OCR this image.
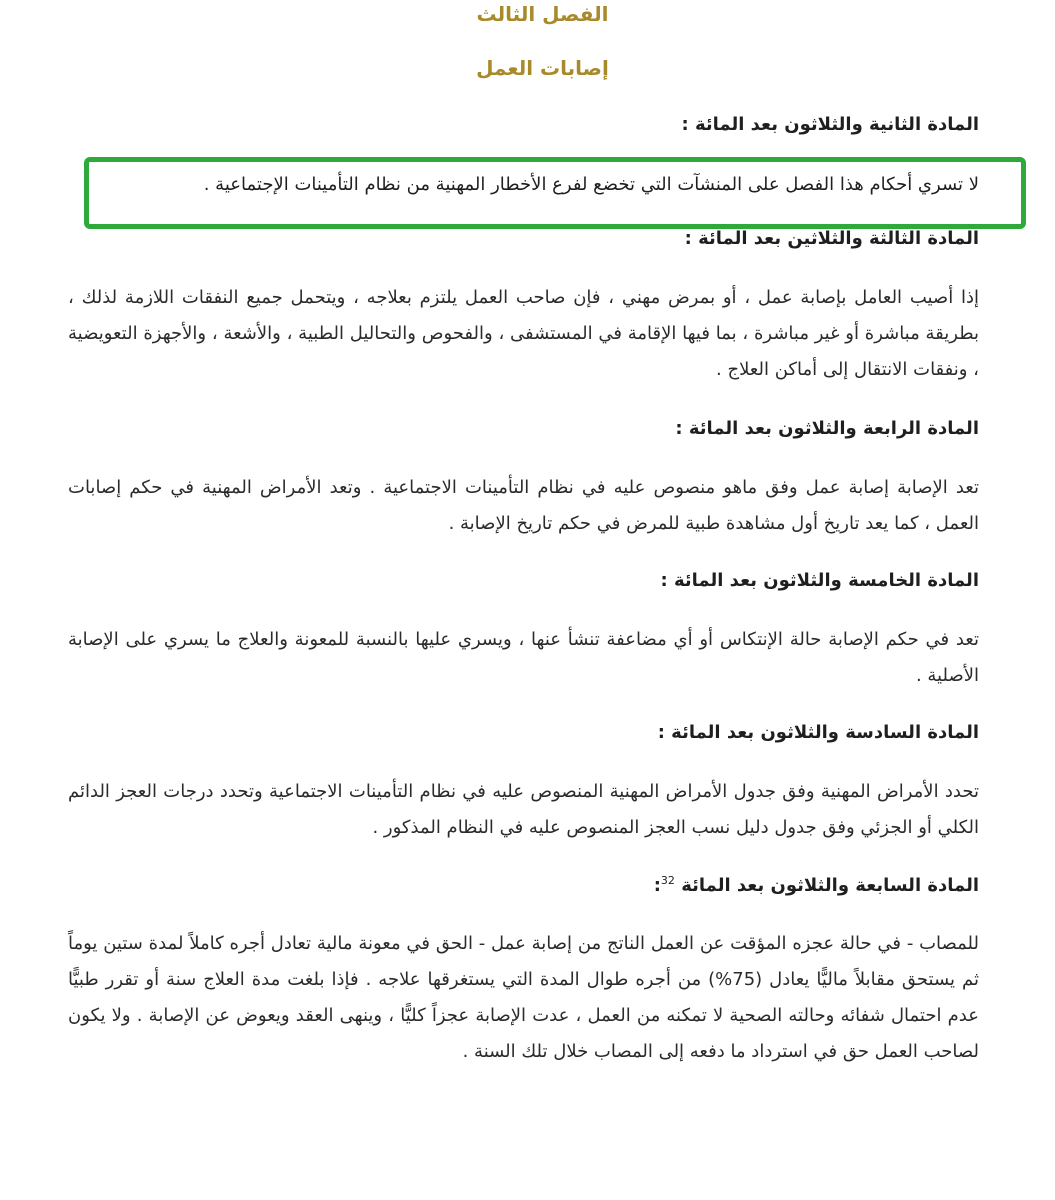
الفصل الثالث
إصابات العمل
المادة الثانية والثلاثون بعد المائة :

لا تسري أحكام هذا الفصل على المنشآت التي تخضع لفرع الأخطار المهنية من نظام التأمينات الإجتماعية .

المادة الثالثة والثلاثين بعد المائة :

إذا أصيب العامل بإصابة عمل ، أو بمرض مهني ، فإن صاحب العمل يلتزم بعلاجه ، ويتحمل جميع النفقات اللازمة لذلك ، بطريقة مباشرة أو غير مباشرة ، بما فيها الإقامة في المستشفى ، والفحوص والتحاليل الطبية ، والأشعة ، والأجهزة التعويضية ، ونفقات الانتقال إلى أماكن العلاج .

المادة الرابعة والثلاثون بعد المائة :

تعد الإصابة إصابة عمل وفق ماهو منصوص عليه في نظام التأمينات الاجتماعية . وتعد الأمراض المهنية في حكم إصابات العمل ، كما يعد تاريخ أول مشاهدة طبية للمرض في حكم تاريخ الإصابة .

المادة الخامسة والثلاثون بعد المائة :

تعد في حكم الإصابة حالة الإنتكاس أو أي مضاعفة تنشأ عنها ، ويسري عليها بالنسبة للمعونة والعلاج ما يسري على الإصابة الأصلية .

المادة السادسة والثلاثون بعد المائة :

تحدد الأمراض المهنية وفق جدول الأمراض المهنية المنصوص عليه في نظام التأمينات الاجتماعية وتحدد درجات العجز الدائم الكلي أو الجزئي وفق جدول دليل نسب العجز المنصوص عليه في النظام المذكور .

المادة السابعة والثلاثون بعد المائة $^{32}$:

للمصاب - في حالة عجزه المؤقت عن العمل الناتج من إصابة عمل - الحق في معونة مالية تعادل أجره كاملاً لمدة ستين يوماً ثم يستحق مقابلاً ماليًّا يعادل (75%) من أجره طوال المدة التي يستغرقها علاجه . فإذا بلغت مدة العلاج سنة أو تقرر طبيًّا عدم احتمال شفائه وحالته الصحية لا تمكنه من العمل ، عدت الإصابة عجزاً كليًّا ، وينهى العقد ويعوض عن الإصابة . ولا يكون لصاحب العمل حق في استرداد ما دفعه إلى المصاب خلال تلك السنة .
